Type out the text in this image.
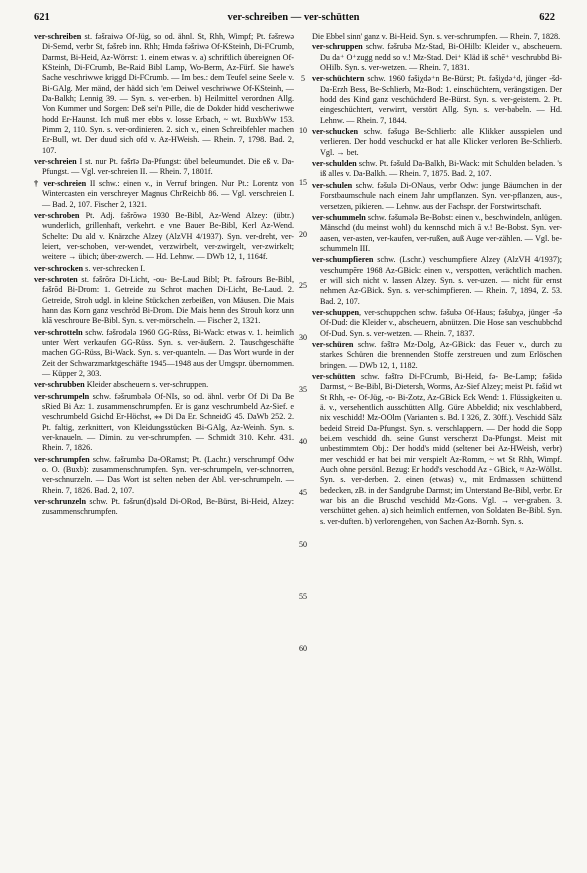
621	ver-schreiben — ver-schütten	622

ver-schreiben st. fəšraiwə Of-Jüg, so od. ähnl. St, Rhh, Wimpf; Pt. fəšrewə Di-Semd, verbr St, fəšreb inn. Rhh; Hmda fəšriwə Of-KSteinh, Di-FCrumb, Darmst, Bi-Heid, Az-Wörrst: 1. einem etwas v. a) schriftlich übereignen Of-KSteinh, Di-FCrumb, Be-Raid Bibl Lamp, Wo-Berm, Az-Fürf. Sie hawe's Sache veschriwwe kriggd Di-FCrumb. — Im bes.: dem Teufel seine Seele v. Bi-GAlg. Mer mänd, der hädd sich 'em Deiwel veschriwwe Of-KSteinh, — Da-Balkh; Lennig 39. — Syn. s. ver-erben. b) Heilmittel verordnen Allg. Von Kummer und Sorgen: Deß sei'n Pille, die de Dokder hidd vescheriwwe hodd Er-Haunst. Ich muß mer ebbs v. losse Erbach, ~ wt. BuxbWw 153. Pimm 2, 110. Syn. s. ver-ordinieren. 2. sich v., einen Schreibfehler machen Er-Bull, wt. Der duud sich ofd v. Az-HWeish. — Rhein. 7, 1798. Bad. 2, 107.

ver-schreien I st. nur Pt. fəšrīə Da-Pfungst: übel beleumundet. Die eß v. Da-Pfungst. — Vgl. ver-schreien II. — Rhein. 7, 1801f.

† ver-schreien II schw.: einen v., in Verruf bringen. Nur Pt.: Lorentz von Wintercasten ein verschreyer Magnus ChrReichb 86. — Vgl. verschreien I. — Bad. 2, 107. Fischer 2, 1321.

ver-schroben Pt. Adj. fəšrōwə 1930 Be-Bibl, Az-Wend Alzey: (übtr.) wunderlich, grillenhaft, verkehrt. e vne Bauer Be-Bibl, Kerl Az-Wend. Schelte: Du ald v. Knärzche Alzey (AlzVH 4/1937). Syn. ver-dreht, ver-leiert, ver-schoben, ver-wendet, verzwirbelt, ver-zwirgelt, ver-zwirkelt; weitere → übich; über-zwerch. — Hd. Lehnw. — DWb 12, 1, 1164f.

ver-schrocken s. ver-schrecken I.

ver-schroten st. fəšrōrə Di-Licht, -ou- Be-Laud Bibl; Pt. fəšrours Be-Bibl, fəšrōd Bi-Drom: 1. Getreide zu Schrot machen Di-Licht, Be-Laud. 2. Getreide, Stroh udgl. in kleine Stückchen zerbeißen, von Mäusen. Die Mais hann das Korn ganz veschröd Bi-Drom. Die Mais henn des Strouh korz unn klā veschroure Be-Bibl. Syn. s. ver-mörscheln. — Fischer 2, 1321.

ver-schrotteln schw. fəšrodələ 1960 GG-Rüss, Bi-Wack: etwas v. 1. heimlich unter Wert verkaufen GG-Rüss. Syn. s. ver-äußern. 2. Tauschgeschäfte machen GG-Rüss, Bi-Wack. Syn. s. ver-quanteln. — Das Wort wurde in der Zeit der Schwarzmarktgeschäfte 1945—1948 aus der Umgspr. übernommen. — Küpper 2, 303.

ver-schrubben Kleider abscheuern s. ver-schruppen.

ver-schrumpeln schw. fəšrumbələ Of-NIs, so od. ähnl. verbr Of Di Da Be sRied Bi Az: 1. zusammenschrumpfen. Er is ganz veschrumbeld Az-Sief. e veschrumbeld Gsichd Er-Höchst, ⁎⁎ Di Da Er. SchneidG 45. DaWb 252. 2. Pt. faltig, zerknittert, von Kleidungsstücken Bi-GAlg, Az-Weinh. Syn. s. ver-knaueln. — Dimin. zu ver-schrumpfen. — Schmidt 310. Kehr. 431. Rhein. 7, 1826.

ver-schrumpfen schw. fəšrumbə Da-ORamst; Pt. (Lachr.) verschrumpf Odw o. O. (Buxb): zusammenschrumpfen. Syn. ver-schrumpeln, ver-schnorren, ver-schnurzeln. — Das Wort ist selten neben der Abl. ver-schrumpeln. — Rhein. 7, 1826. Bad. 2, 107.

ver-schrunzeln schw. Pt. fəšrun(d)səld Di-ORod, Be-Bürst, Bi-Heid, Alzey: zusammenschrumpfen.

5
10
15
20
25
30
35
40
45
50
55
60

Die Ebbel sinn' ganz v. Bi-Heid. Syn. s. ver-schrumpfen. — Rhein. 7, 1828.

ver-schruppen schw. fəšrubə Mz-Stad, Bi-OHilb: Kleider v., abscheuern. Du da⁺ O⁺zugg nedd so v.! Mz-Stad. Dei⁺ Kläd iß schē⁺ veschrubbd Bi-OHilb. Syn. s. ver-wetzen. — Rhein. 7, 1831.

ver-schüchtern schw. 1960 fəšiχdə⁺n Be-Bürst; Pt. fəšiχdə⁺d, jünger -šd- Da-Erzh Bess, Be-Schlierb, Mz-Bod: 1. einschüchtern, verängstigen. Der hodd des Kind ganz veschüchderd Be-Bürst. Syn. s. ver-geistern. 2. Pt. eingeschüchtert, verwirrt, verstört Allg. Syn. s. ver-babeln. — Hd. Lehnw. — Rhein. 7, 1844.

ver-schucken schw. fəšugə Be-Schlierb: alle Klikker ausspielen und verlieren. Der hodd veschuckd er hat alle Klicker verloren Be-Schlierb. Vgl. → bet.

ver-schulden schw. Pt. fəšuld Da-Balkh, Bi-Wack: mit Schulden beladen. 's iß alles v. Da-Balkh. — Rhein. 7, 1875. Bad. 2, 107.

ver-schulen schw. fəšulə Di-ONaus, verbr Odw: junge Bäumchen in der Forstbaumschule nach einem Jahr umpflanzen. Syn. ver-pflanzen, aus-, versetzen, pikieren. — Lehnw. aus der Fachspr. der Forstwirtschaft.

ver-schummeln schw. fəšumələ Be-Bobst: einen v., beschwindeln, anlügen. Mänschd (du meinst wohl) du kennschd mich ā v.! Be-Bobst. Syn. ver-aasen, ver-asten, ver-kaufen, ver-rußen, auß Auge ver-zählen. — Vgl. be-schummeln III.

ver-schumpfieren schw. (Lschr.) veschumpfiere Alzey (AlzVH 4/1937); veschumpēre 1968 Az-GBick: einen v., verspotten, verächtlich machen. er will sich nicht v. lassen Alzey. Syn. s. ver-uzen. — nicht für ernst nehmen Az-GBick. Syn. s. ver-schimpfieren. — Rhein. 7, 1894, Z. 53. Bad. 2, 107.

ver-schuppen, ver-schuppchen schw. fəšubə Of-Haus; fəšubχə, jünger -šə Of-Dud: die Kleider v., abscheuern, abnützen. Die Hose san veschubbchd Of-Dud. Syn. s. ver-wetzen. — Rhein. 7, 1837.

ver-schüren schw. fəšīrə Mz-Dolg, Az-GBick: das Feuer v., durch zu starkes Schüren die brennenden Stoffe zerstreuen und zum Erlöschen bringen. — DWb 12, 1, 1182.

ver-schütten schw. fəšīrə Di-FCrumb, Bi-Heid, fə- Be-Lamp; fəšidə Darmst, ~ Be-Bibl, Bi-Dietersh, Worms, Az-Sief Alzey; meist Pt. fəšid wt St Rhh, -e- Of-Jüg, -o- Bi-Zotz, Az-GBick Eck Wend: 1. Flüssigkeiten u. ä. v., versehentlich ausschütten Allg. Güre Abbeldid; nix veschlabberd, nix veschidd! Mz-OOlm (Varianten s. Bd. I 326, Z. 30ff.). Veschidd Sālz bedeid Streid Da-Pfungst. Syn. s. verschlappern. — Der hodd die Sopp bei.em veschidd dh. seine Gunst verscherzt Da-Pfungst. Meist mit unbestimmtem Obj.: Der hodd's midd (seltener bei Az-HWeish, verbr) mer veschidd er hat bei mir verspielt Az-Romm, ~ wt St Rhh, Wimpf. Auch ohne persönl. Bezug: Er hodd's veschodd Az - GBick, ≈ Az-Wöllst. Syn. s. ver-derben. 2. einen (etwas) v., mit Erdmassen schüttend bedecken, zB. in der Sandgrube Darmst; im Unterstand Be-Bibl, verbr. Er war bis an die Bruschd veschidd Mz-Gons. Vgl. → ver-graben. 3. verschüttet gehen. a) sich heimlich entfernen, von Soldaten Be-Bibl. Syn. s. ver-duften. b) verlorengehen, von Sachen Az-Bornh. Syn. s.
